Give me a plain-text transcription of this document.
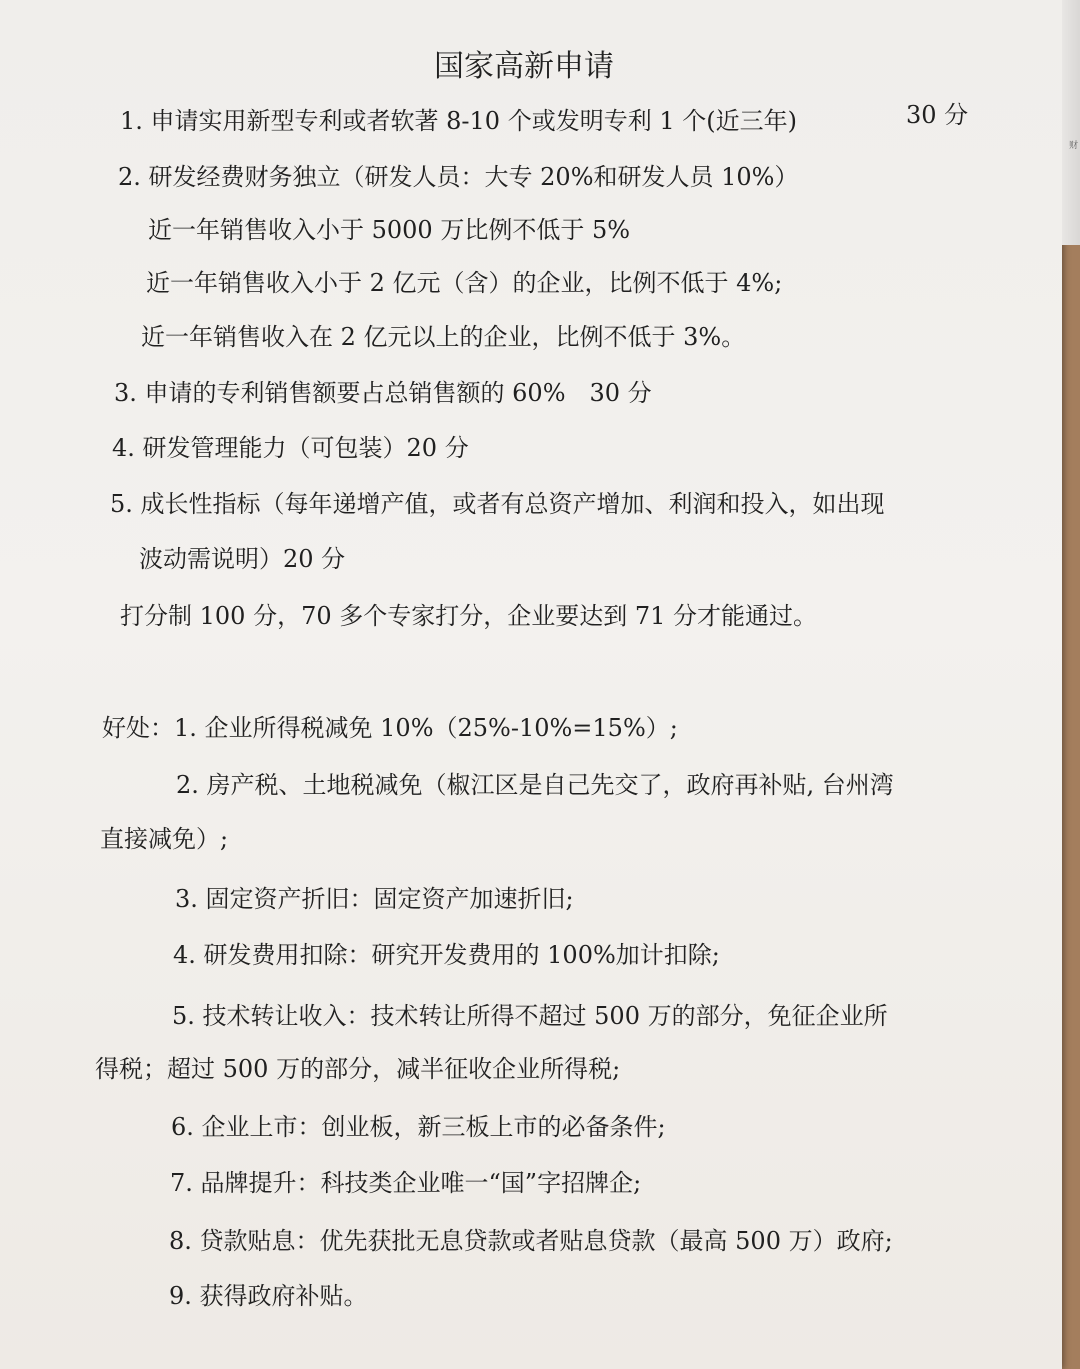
国家高新申请
1. 申请实用新型专利或者软著 8-10 个或发明专利 1 个(近三年)	30 分
2. 研发经费财务独立（研发人员：大专 20%和研发人员 10%）
近一年销售收入小于 5000 万比例不低于 5%
近一年销售收入小于 2 亿元（含）的企业，比例不低于 4%;
近一年销售收入在 2 亿元以上的企业，比例不低于 3%。
3. 申请的专利销售额要占总销售额的 60%　30 分
4. 研发管理能力（可包装）20 分
5. 成长性指标（每年递增产值，或者有总资产增加、利润和投入，如出现
波动需说明）20 分
打分制 100 分，70 多个专家打分，企业要达到 71 分才能通过。
好处：1. 企业所得税减免 10%（25%-10%=15%）;
2. 房产税、土地税减免（椒江区是自己先交了，政府再补贴, 台州湾
直接减免）;
3. 固定资产折旧：固定资产加速折旧;
4. 研发费用扣除：研究开发费用的 100%加计扣除;
5. 技术转让收入：技术转让所得不超过 500 万的部分，免征企业所
得税；超过 500 万的部分，减半征收企业所得税;
6. 企业上市：创业板，新三板上市的必备条件;
7. 品牌提升：科技类企业唯一“国”字招牌企;
8. 贷款贴息：优先获批无息贷款或者贴息贷款（最高 500 万）政府;
9. 获得政府补贴。
财
